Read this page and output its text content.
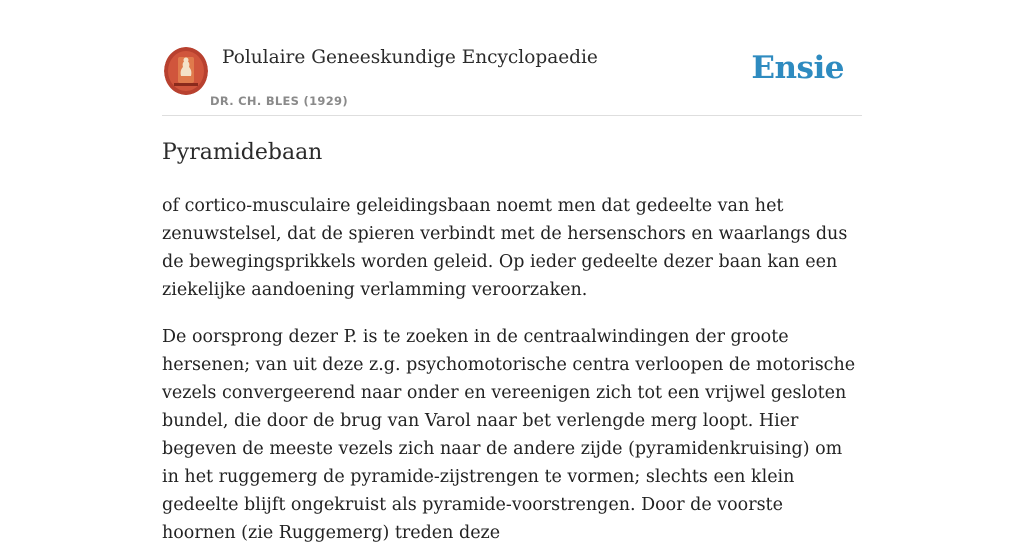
Polulaire Geneeskundige Encyclopaedie
DR. CH. BLES (1929)
Ensie
Pyramidebaan

of cortico-musculaire geleidingsbaan noemt men dat gedeelte van het zenuwstelsel, dat de spieren verbindt met de hersenschors en waarlangs dus de bewegingsprikkels worden geleid. Op ieder gedeelte dezer baan kan een ziekelijke aandoening verlamming veroorzaken.

De oorsprong dezer P. is te zoeken in de centraalwindingen der groote hersenen; van uit deze z.g. psychomotorische centra verloopen de motorische vezels convergeerend naar onder en vereenigen zich tot een vrijwel gesloten bundel, die door de brug van Varol naar bet verlengde merg loopt. Hier begeven de meeste vezels zich naar de andere zijde (pyramidenkruising) om in het ruggemerg de pyramide-zijstrengen te vormen; slechts een klein gedeelte blijft ongekruist als pyramide-voorstrengen. Door de voorste hoornen (zie Ruggemerg) treden deze
